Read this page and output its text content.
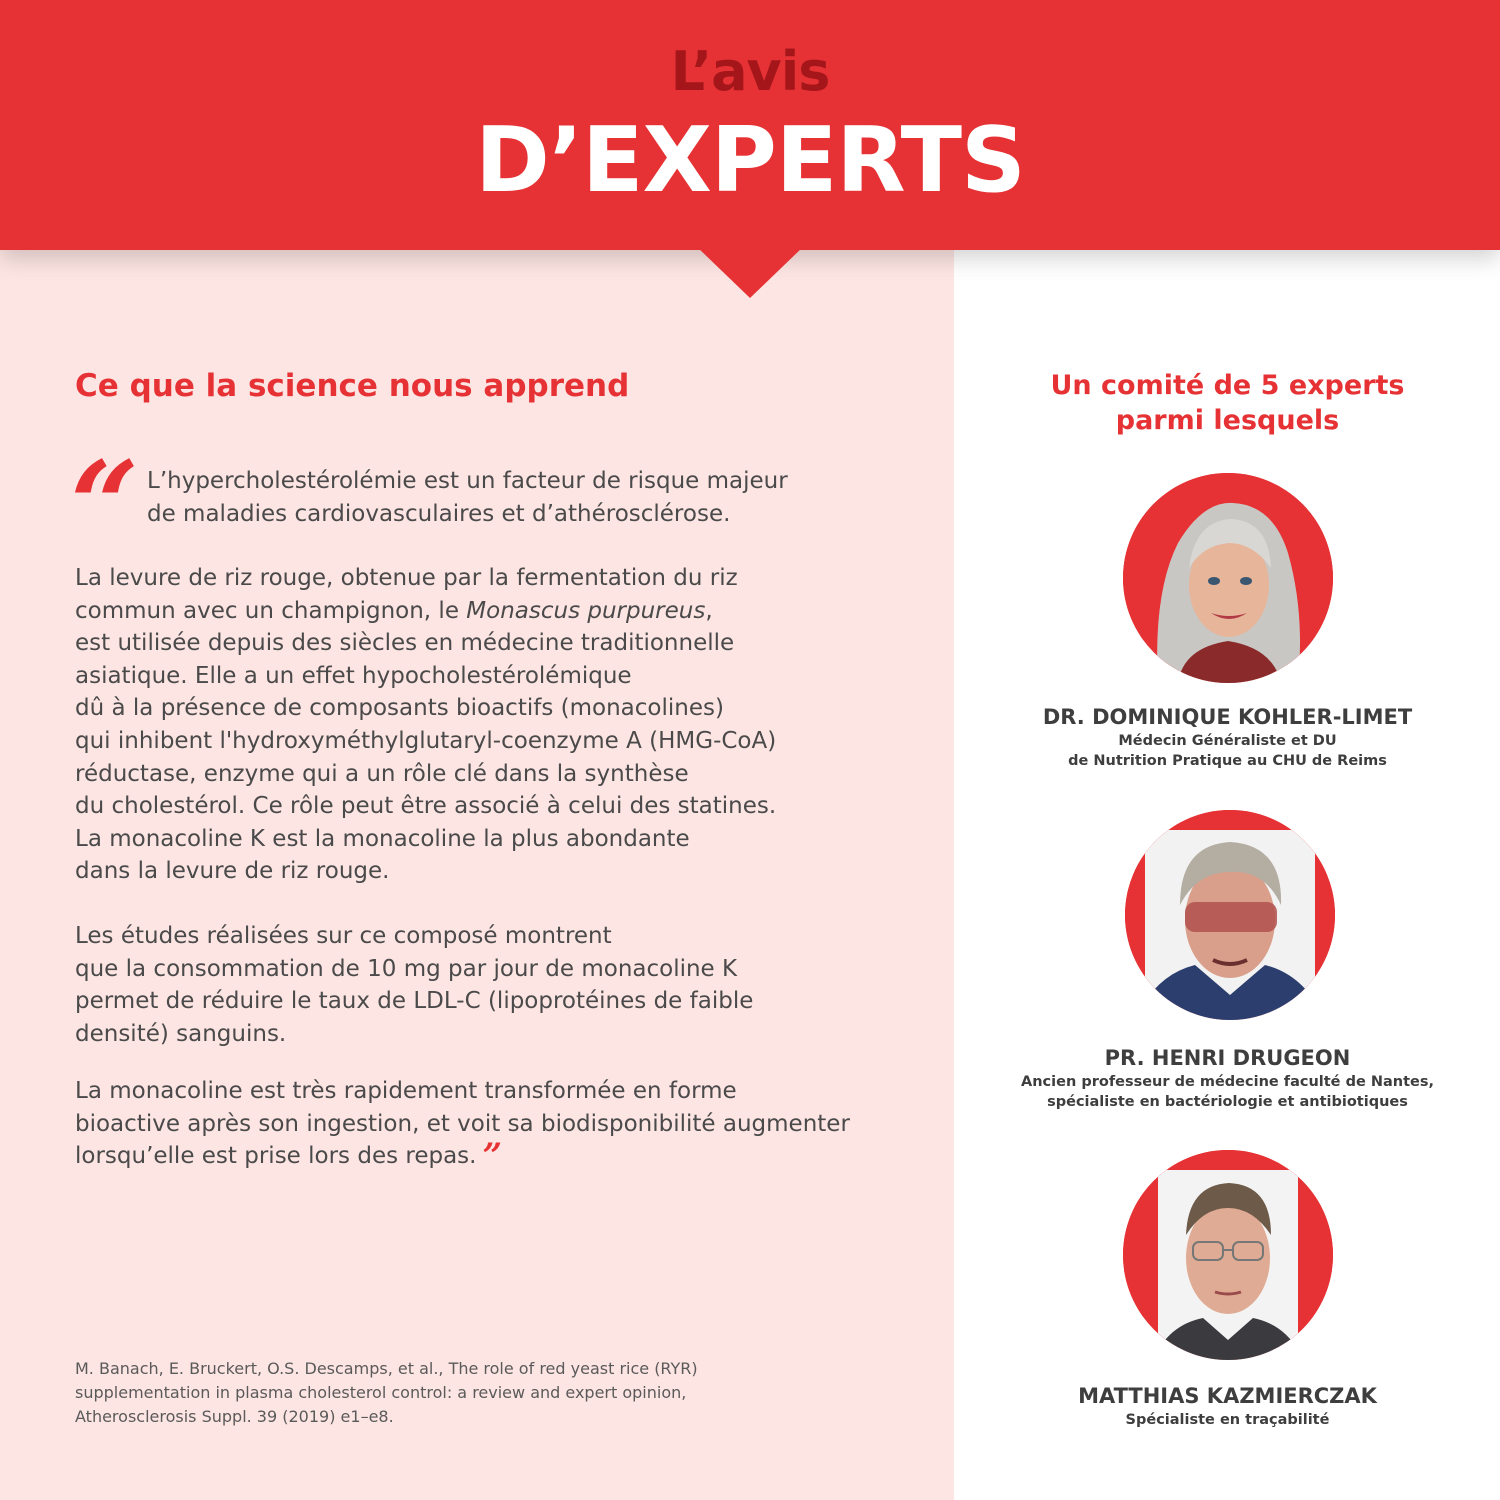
L’avis
D’EXPERTS
Ce que la science nous apprend
“ L’hypercholestérolémie est un facteur de risque majeur
de maladies cardiovasculaires et d’athérosclérose.
La levure de riz rouge, obtenue par la fermentation du riz
commun avec un champignon, le Monascus purpureus,
est utilisée depuis des siècles en médecine traditionnelle
asiatique. Elle a un effet hypocholestérolémique
dû à la présence de composants bioactifs (monacolines)
qui inhibent l'hydroxyméthylglutaryl-coenzyme A (HMG-CoA)
réductase, enzyme qui a un rôle clé dans la synthèse
du cholestérol. Ce rôle peut être associé à celui des statines.
La monacoline K est la monacoline la plus abondante
dans la levure de riz rouge.
Les études réalisées sur ce composé montrent
que la consommation de 10 mg par jour de monacoline K
permet de réduire le taux de LDL-C (lipoprotéines de faible
densité) sanguins.
La monacoline est très rapidement transformée en forme
bioactive après son ingestion, et voit sa biodisponibilité augmenter
lorsqu’elle est prise lors des repas. ”
M. Banach, E. Bruckert, O.S. Descamps, et al., The role of red yeast rice (RYR)
supplementation in plasma cholesterol control: a review and expert opinion,
Atherosclerosis Suppl. 39 (2019) e1–e8.
Un comité de 5 experts
parmi lesquels
DR. DOMINIQUE KOHLER-LIMET
Médecin Généraliste et DU
de Nutrition Pratique au CHU de Reims
PR. HENRI DRUGEON
Ancien professeur de médecine faculté de Nantes,
spécialiste en bactériologie et antibiotiques
MATTHIAS KAZMIERCZAK
Spécialiste en traçabilité
